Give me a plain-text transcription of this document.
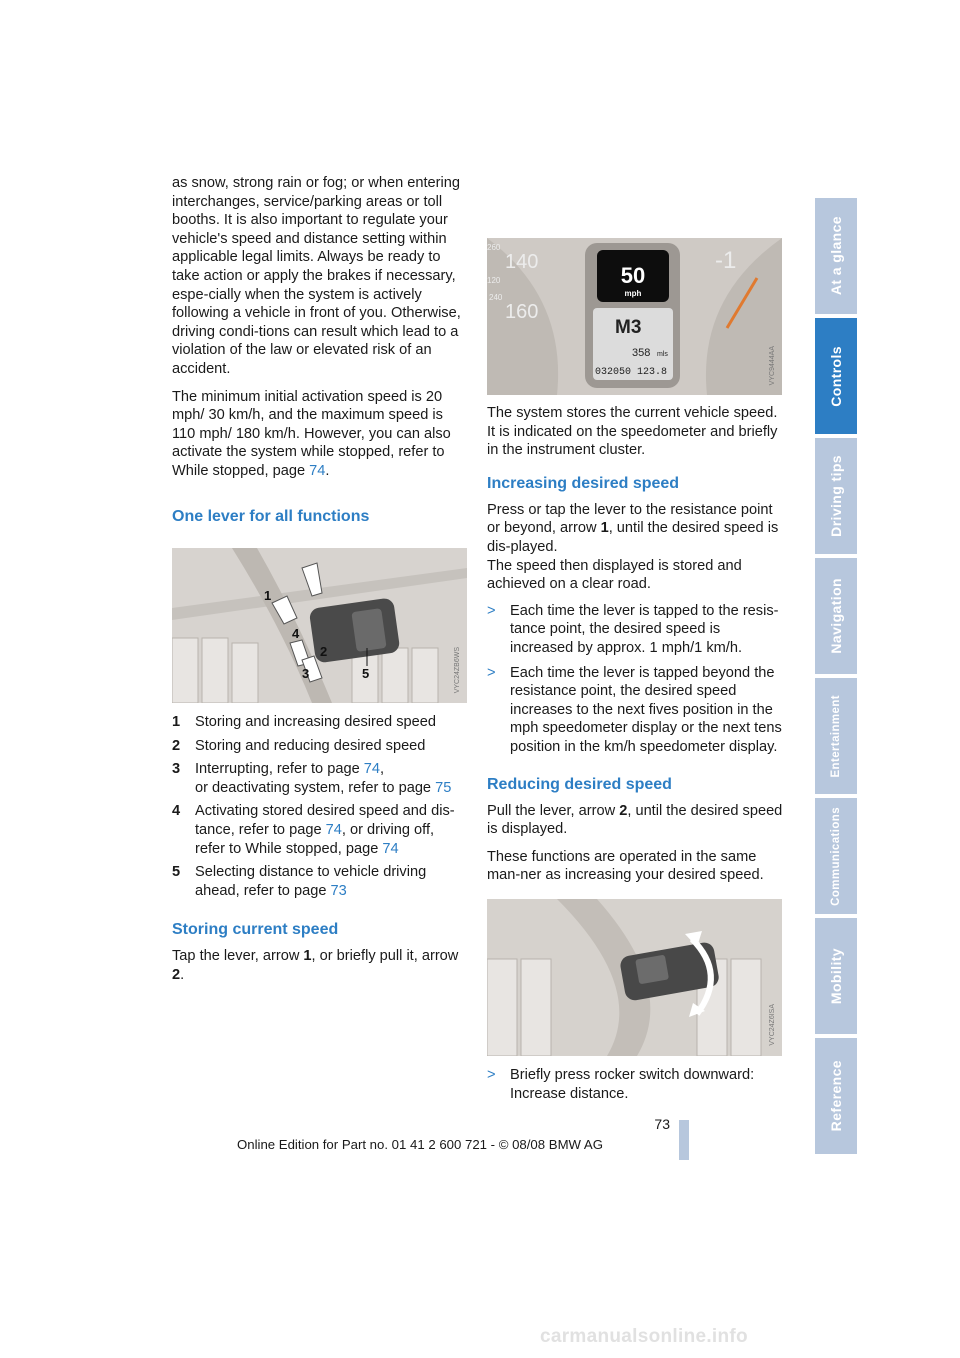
as snow, strong rain or fog; or when entering interchanges, service/parking areas or toll booths. It is also important to regulate your vehicle's speed and distance setting within applicable legal limits. Always be ready to take action or apply the brakes if necessary, espe-cially when the system is actively following a vehicle in front of you. Otherwise, driving condi-tions can result which lead to a violation of the law or elevated risk of an accident.

The minimum initial activation speed is 20 mph/ 30 km/h, and the maximum speed is 110 mph/ 180 km/h. However, you can also activate the system while stopped, refer to While stopped, page 74.

One lever for all functions
1
2
3
4
5	VYC24ZB6WS
1	Storing and increasing desired speed
2	Storing and reducing desired speed
3	Interrupting, refer to page 74,
or deactivating system, refer to page 75
4	Activating stored desired speed and dis-tance, refer to page 74, or driving off, refer to While stopped, page 74
5	Selecting distance to vehicle driving ahead, refer to page 73
Storing current speed

Tap the lever, arrow 1, or briefly pull it, arrow 2.

50
mph
M3
358 mls
032050 123.8
140
160
120
260
240
-1
VYC9444AA

The system stores the current vehicle speed. It is indicated on the speedometer and briefly in the instrument cluster.

Increasing desired speed

Press or tap the lever to the resistance point or beyond, arrow 1, until the desired speed is dis-played.
The speed then displayed is stored and achieved on a clear road.

> Each time the lever is tapped to the resis-tance point, the desired speed is increased by approx. 1 mph/1 km/h.
> Each time the lever is tapped beyond the resistance point, the desired speed increases to the next fives position in the mph speedometer display or the next tens position in the km/h speedometer display.
Reducing desired speed

Pull the lever, arrow 2, until the desired speed is displayed.

These functions are operated in the same man-ner as increasing your desired speed.

VYC24Z6ISA
> Briefly press rocker switch downward: Increase distance.
At a glance
Controls
Driving tips
Navigation
Entertainment
Communications
Mobility
Reference
73
Online Edition for Part no. 01 41 2 600 721 - © 08/08 BMW AG
carmanualsonline.info
